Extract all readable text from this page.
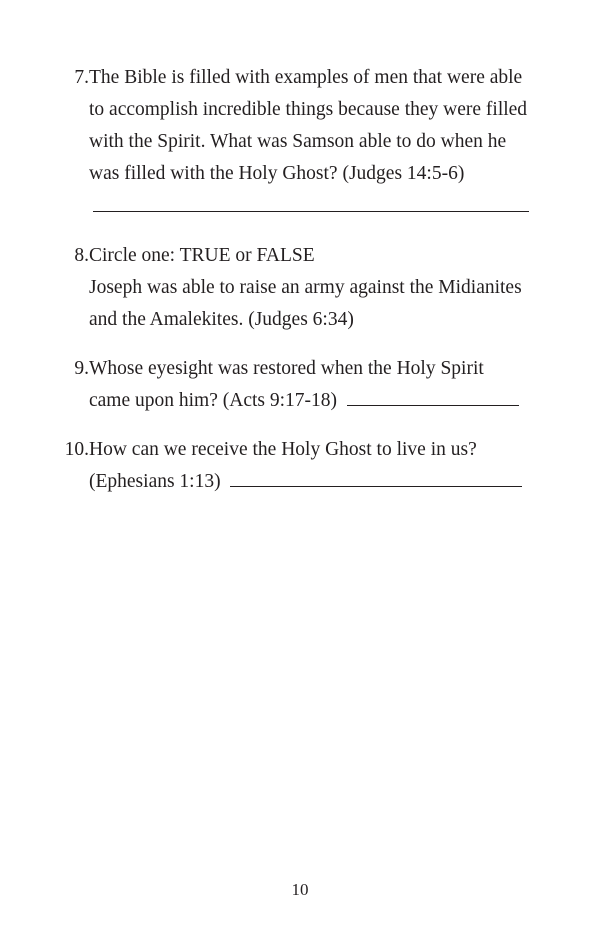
7. The Bible is filled with examples of men that were able
to accomplish incredible things because they were filled
with the Spirit. What was Samson able to do when he
was filled with the Holy Ghost? (Judges 14:5-6)
8. Circle one: TRUE or FALSE
Joseph was able to raise an army against the Midianites
and the Amalekites. (Judges 6:34)
9. Whose eyesight was restored when the Holy Spirit
came upon him? (Acts 9:17-18)
10. How can we receive the Holy Ghost to live in us?
(Ephesians 1:13)
10
